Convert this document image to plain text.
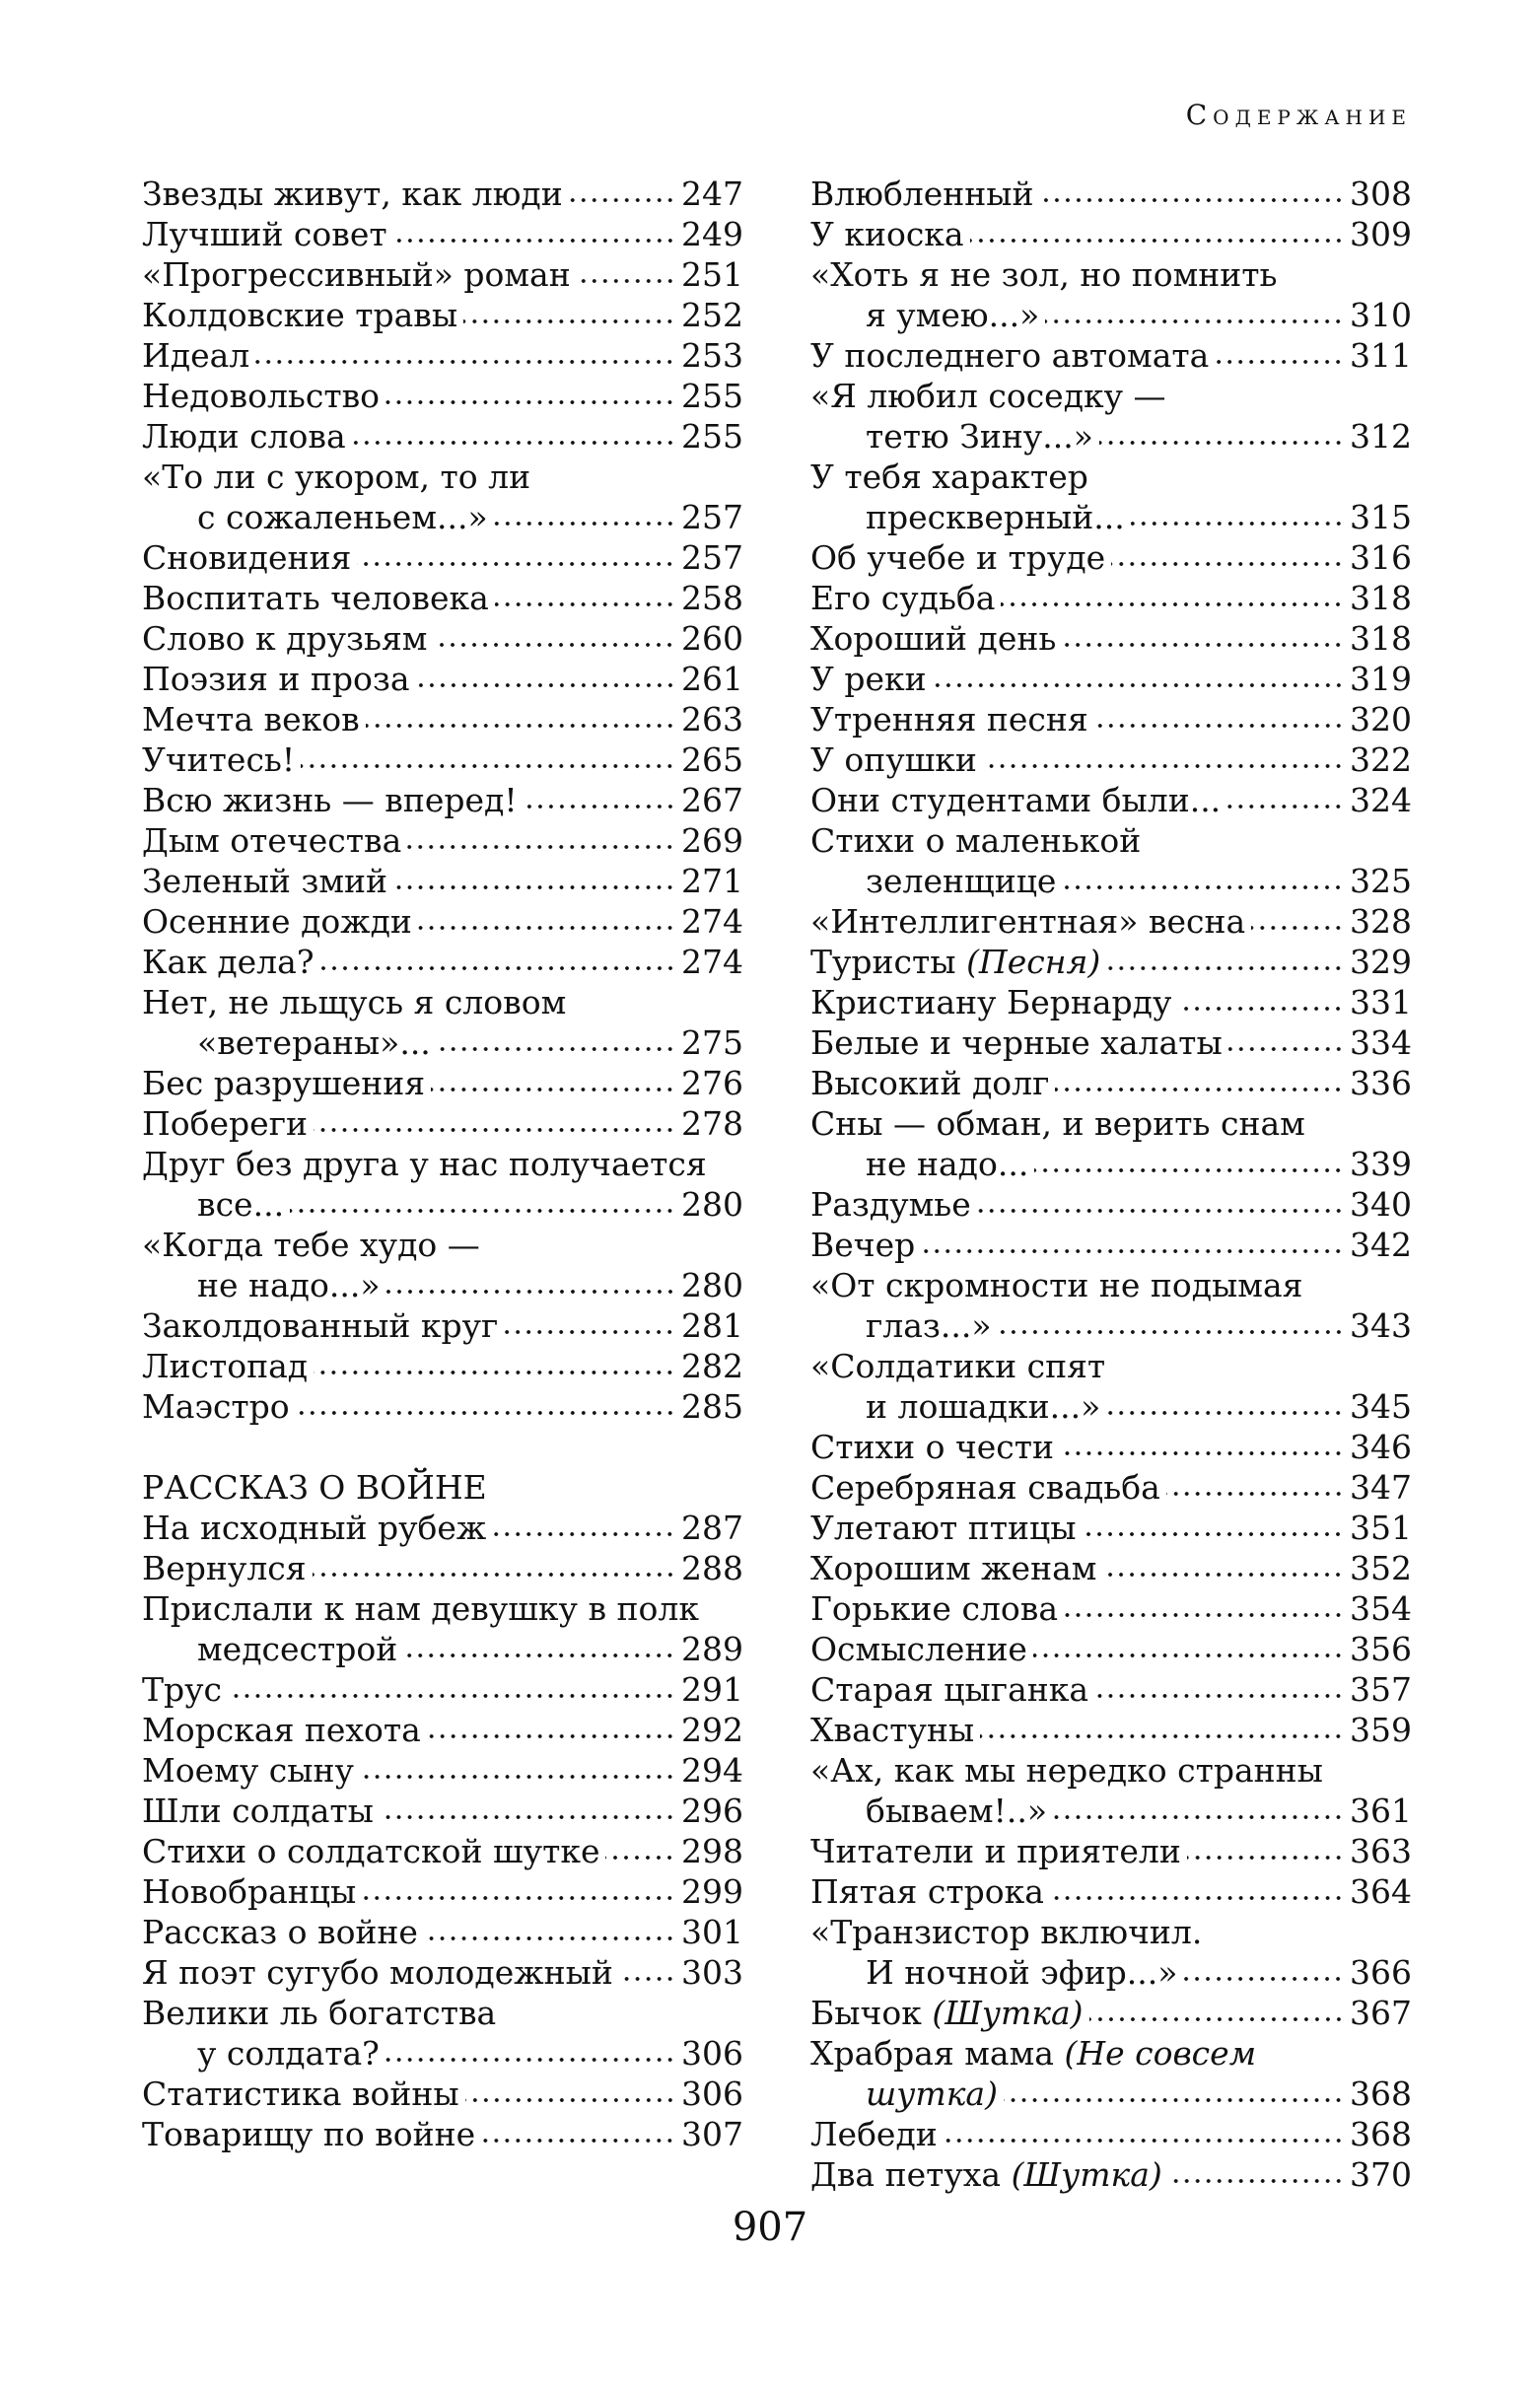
Содержание
Звезды живут, как люди	247
Лучший совет	249
«Прогрессивный» роман	251
Колдовские травы	252
Идеал	253
Недовольство	255
Люди слова	255
«То ли с укором, то ли
с сожаленьем...»	257
Сновидения	257
Воспитать человека	258
Слово к друзьям	260
Поэзия и проза	261
Мечта веков	263
Учитесь!	265
Всю жизнь — вперед!	267
Дым отечества	269
Зеленый змий	271
Осенние дожди	274
Как дела?	274
Нет, не льщусь я словом
«ветераны»...	275
Бес разрушения	276
Побереги	278
Друг без друга у нас получается
все...	280
«Когда тебе худо —
не надо...»	280
Заколдованный круг	281
Листопад	282
Маэстро	285
РАССКАЗ О ВОЙНЕ
На исходный рубеж	287
Вернулся	288
Прислали к нам девушку в полк
медсестрой	289
Трус	291
Морская пехота	292
Моему сыну	294
Шли солдаты	296
Стихи о солдатской шутке	298
Новобранцы	299
Рассказ о войне	301
Я поэт сугубо молодежный 303
Велики ль богатства
у солдата?	306
Статистика войны	306
Товарищу по войне	307
Влюбленный	308
У киоска	309
«Хоть я не зол, но помнить
я умею...»	310
У последнего автомата	311
«Я любил соседку —
тетю Зину...»	312
У тебя характер
прескверный...	315
Об учебе и труде	316
Его судьба	318
Хороший день	318
У реки	319
Утренняя песня	320
У опушки	322
Они студентами были...	324
Стихи о маленькой
зеленщице	325
«Интеллигентная» весна	328
Туристы (Песня)	329
Кристиану Бернарду	331
Белые и черные халаты	334
Высокий долг	336
Сны — обман, и верить снам
не надо...	339
Раздумье	340
Вечер	342
«От скромности не подымая
глаз...»	343
«Солдатики спят
и лошадки...»	345
Стихи о чести	346
Серебряная свадьба	347
Улетают птицы	351
Хорошим женам	352
Горькие слова	354
Осмысление	356
Старая цыганка	357
Хвастуны	359
«Ах, как мы нередко странны
бываем!..»	361
Читатели и приятели	363
Пятая строка	364
«Транзистор включил.
И ночной эфир...»	366
Бычок (Шутка)	367
Храбрая мама (Не совсем
шутка)	368
Лебеди	368
Два петуха (Шутка)	370
907
